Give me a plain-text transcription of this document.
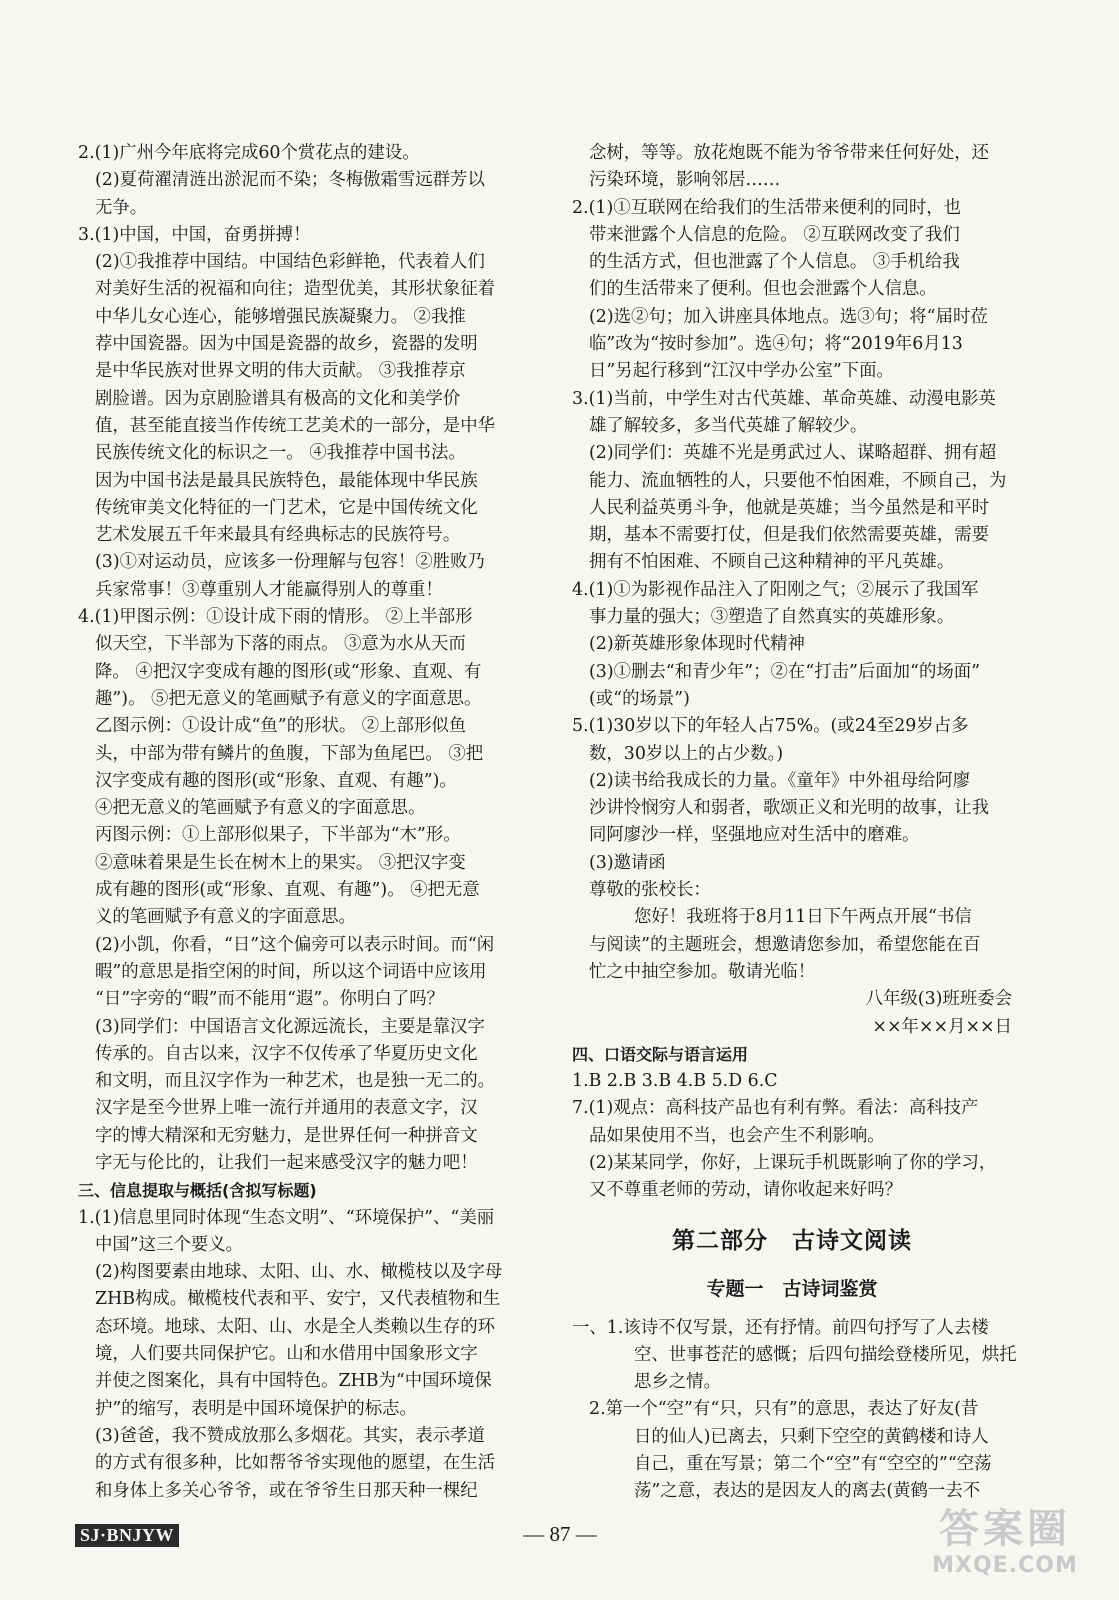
2.(1)广州今年底将完成60个赏花点的建设。
(2)夏荷濯清涟出淤泥而不染；冬梅傲霜雪远群芳以
无争。
3.(1)中国，中国，奋勇拼搏！
(2)①我推荐中国结。中国结色彩鲜艳，代表着人们
对美好生活的祝福和向往；造型优美，其形状象征着
中华儿女心连心，能够增强民族凝聚力。 ②我推
荐中国瓷器。因为中国是瓷器的故乡，瓷器的发明
是中华民族对世界文明的伟大贡献。 ③我推荐京
剧脸谱。因为京剧脸谱具有极高的文化和美学价
值，甚至能直接当作传统工艺美术的一部分，是中华
民族传统文化的标识之一。 ④我推荐中国书法。
因为中国书法是最具民族特色，最能体现中华民族
传统审美文化特征的一门艺术，它是中国传统文化
艺术发展五千年来最具有经典标志的民族符号。
(3)①对运动员，应该多一份理解与包容！②胜败乃
兵家常事！③尊重别人才能赢得别人的尊重！
4.(1)甲图示例：①设计成下雨的情形。 ②上半部形
似天空，下半部为下落的雨点。 ③意为水从天而
降。 ④把汉字变成有趣的图形(或“形象、直观、有
趣”)。 ⑤把无意义的笔画赋予有意义的字面意思。
乙图示例：①设计成“鱼”的形状。 ②上部形似鱼
头，中部为带有鳞片的鱼腹，下部为鱼尾巴。 ③把
汉字变成有趣的图形(或“形象、直观、有趣”)。
④把无意义的笔画赋予有意义的字面意思。
丙图示例：①上部形似果子，下半部为“木”形。
②意味着果是生长在树木上的果实。 ③把汉字变
成有趣的图形(或“形象、直观、有趣”)。 ④把无意
义的笔画赋予有意义的字面意思。
(2)小凯，你看，“日”这个偏旁可以表示时间。而“闲
暇”的意思是指空闲的时间，所以这个词语中应该用
“日”字旁的“暇”而不能用“遐”。你明白了吗？
(3)同学们：中国语言文化源远流长，主要是靠汉字
传承的。自古以来，汉字不仅传承了华夏历史文化
和文明，而且汉字作为一种艺术，也是独一无二的。
汉字是至今世界上唯一流行并通用的表意文字，汉
字的博大精深和无穷魅力，是世界任何一种拼音文
字无与伦比的，让我们一起来感受汉字的魅力吧！
三、信息提取与概括(含拟写标题)
1.(1)信息里同时体现“生态文明”、“环境保护”、“美丽
中国”这三个要义。
(2)构图要素由地球、太阳、山、水、橄榄枝以及字母
ZHB构成。橄榄枝代表和平、安宁，又代表植物和生
态环境。地球、太阳、山、水是全人类赖以生存的环
境，人们要共同保护它。山和水借用中国象形文字
并使之图案化，具有中国特色。ZHB为“中国环境保
护”的缩写，表明是中国环境保护的标志。
(3)爸爸，我不赞成放那么多烟花。其实，表示孝道
的方式有很多种，比如帮爷爷实现他的愿望，在生活
和身体上多关心爷爷，或在爷爷生日那天种一棵纪
念树，等等。放花炮既不能为爷爷带来任何好处，还
污染环境，影响邻居……
2.(1)①互联网在给我们的生活带来便利的同时，也
带来泄露个人信息的危险。 ②互联网改变了我们
的生活方式，但也泄露了个人信息。 ③手机给我
们的生活带来了便利。但也会泄露个人信息。
(2)选②句；加入讲座具体地点。选③句；将“届时莅
临”改为“按时参加”。选④句；将“2019年6月13
日”另起行移到“江汉中学办公室”下面。
3.(1)当前，中学生对古代英雄、革命英雄、动漫电影英
雄了解较多，多当代英雄了解较少。
(2)同学们：英雄不光是勇武过人、谋略超群、拥有超
能力、流血牺牲的人，只要他不怕困难，不顾自己，为
人民利益英勇斗争，他就是英雄；当今虽然是和平时
期，基本不需要打仗，但是我们依然需要英雄，需要
拥有不怕困难、不顾自己这种精神的平凡英雄。
4.(1)①为影视作品注入了阳刚之气；②展示了我国军
事力量的强大；③塑造了自然真实的英雄形象。
(2)新英雄形象体现时代精神
(3)①删去“和青少年”；②在“打击”后面加“的场面”
(或“的场景”)
5.(1)30岁以下的年轻人占75%。(或24至29岁占多
数，30岁以上的占少数。)
(2)读书给我成长的力量。《童年》中外祖母给阿廖
沙讲怜悯穷人和弱者，歌颂正义和光明的故事，让我
同阿廖沙一样，坚强地应对生活中的磨难。
(3)邀请函
尊敬的张校长：
您好！我班将于8月11日下午两点开展“书信
与阅读”的主题班会，想邀请您参加，希望您能在百
忙之中抽空参加。敬请光临！
八年级(3)班班委会
××年××月××日
四、口语交际与语言运用
1.B 2.B 3.B 4.B 5.D 6.C
7.(1)观点：高科技产品也有利有弊。看法：高科技产
品如果使用不当，也会产生不利影响。
(2)某某同学，你好，上课玩手机既影响了你的学习，
又不尊重老师的劳动，请你收起来好吗？
第二部分　古诗文阅读
专题一　古诗词鉴赏
一、1.该诗不仅写景，还有抒情。前四句抒写了人去楼
空、世事苍茫的感慨；后四句描绘登楼所见，烘托
思乡之情。
2.第一个“空”有“只，只有”的意思，表达了好友(昔
日的仙人)已离去，只剩下空空的黄鹤楼和诗人
自己，重在写景；第二个“空”有“空空的”“空荡
荡”之意，表达的是因友人的离去(黄鹤一去不
SJ·BNJYW	— 87 —	答案圈
MXQE.COM
